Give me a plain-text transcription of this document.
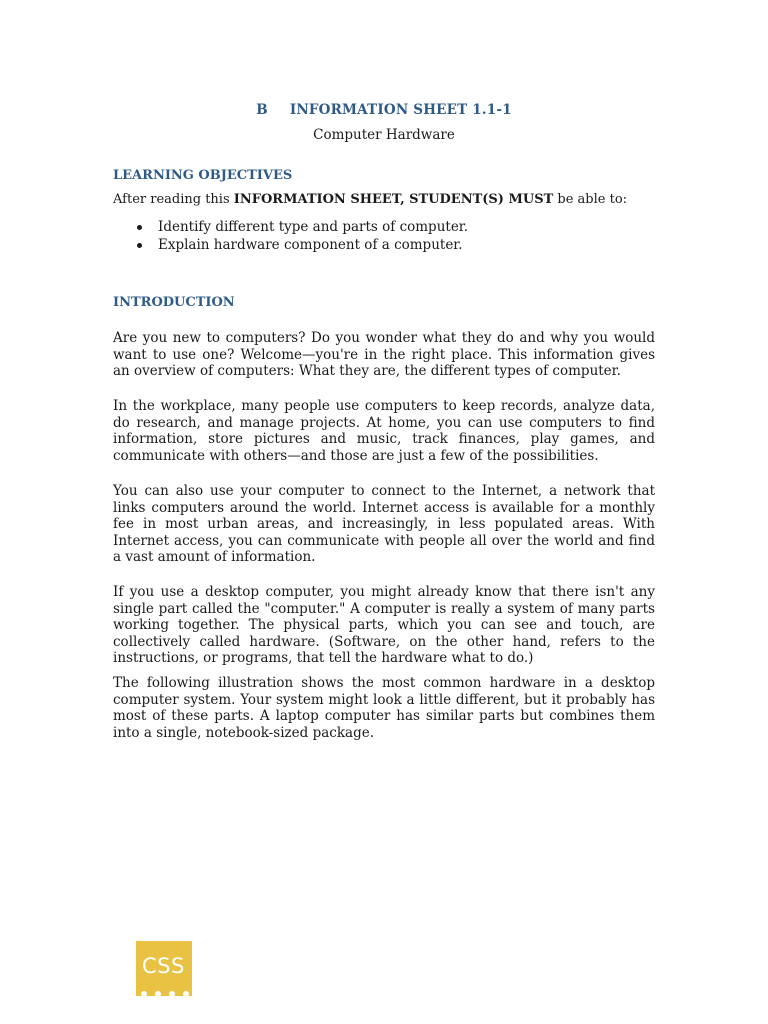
B INFORMATION SHEET 1.1-1
Computer Hardware
LEARNING OBJECTIVES
After reading this INFORMATION SHEET, STUDENT(S) MUST be able to:
Identify different type and parts of computer.
Explain hardware component of a computer.
INTRODUCTION

Are you new to computers? Do you wonder what they do and why you would want to use one? Welcome—you're in the right place. This information gives an overview of computers: What they are, the different types of computer.

In the workplace, many people use computers to keep records, analyze data, do research, and manage projects. At home, you can use computers to find information, store pictures and music, track finances, play games, and communicate with others—and those are just a few of the possibilities.

You can also use your computer to connect to the Internet, a network that links computers around the world. Internet access is available for a monthly fee in most urban areas, and increasingly, in less populated areas. With Internet access, you can communicate with people all over the world and find a vast amount of information.

If you use a desktop computer, you might already know that there isn't any single part called the "computer." A computer is really a system of many parts working together. The physical parts, which you can see and touch, are collectively called hardware. (Software, on the other hand, refers to the instructions, or programs, that tell the hardware what to do.)

The following illustration shows the most common hardware in a desktop computer system. Your system might look a little different, but it probably has most of these parts. A laptop computer has similar parts but combines them into a single, notebook-sized package.

CSS
